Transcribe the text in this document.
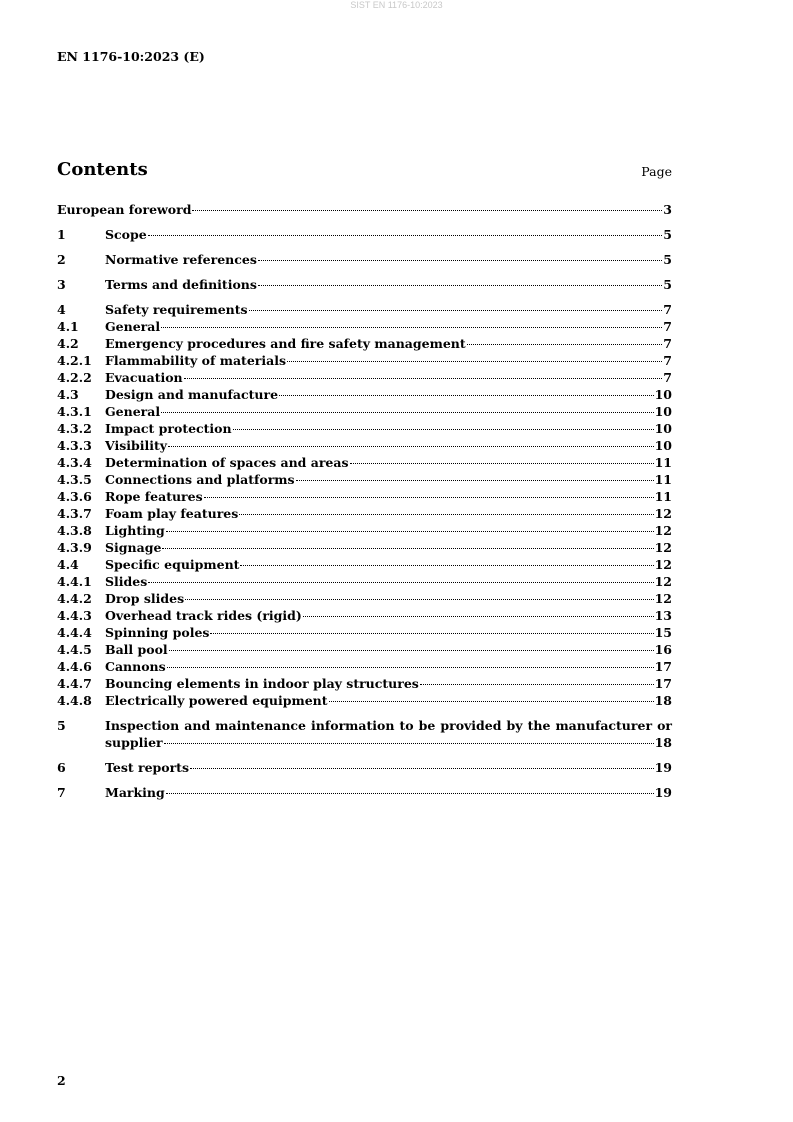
SIST EN 1176-10:2023
EN 1176-10:2023 (E)
Contents	Page
European foreword	3
1	Scope	5
2	Normative references	5
3	Terms and definitions	5
4	Safety requirements	7
4.1	General	7
4.2	Emergency procedures and fire safety management	7
4.2.1	Flammability of materials	7
4.2.2	Evacuation	7
4.3	Design and manufacture	10
4.3.1	General	10
4.3.2	Impact protection	10
4.3.3	Visibility	10
4.3.4	Determination of spaces and areas	11
4.3.5	Connections and platforms	11
4.3.6	Rope features	11
4.3.7	Foam play features	12
4.3.8	Lighting	12
4.3.9	Signage	12
4.4	Specific equipment	12
4.4.1	Slides	12
4.4.2	Drop slides	12
4.4.3	Overhead track rides (rigid)	13
4.4.4	Spinning poles	15
4.4.5	Ball pool	16
4.4.6	Cannons	17
4.4.7	Bouncing elements in indoor play structures	17
4.4.8	Electrically powered equipment	18
5	Inspection and maintenance information to be provided by the manufacturer or
supplier	18
6	Test reports	19
7	Marking	19
2
